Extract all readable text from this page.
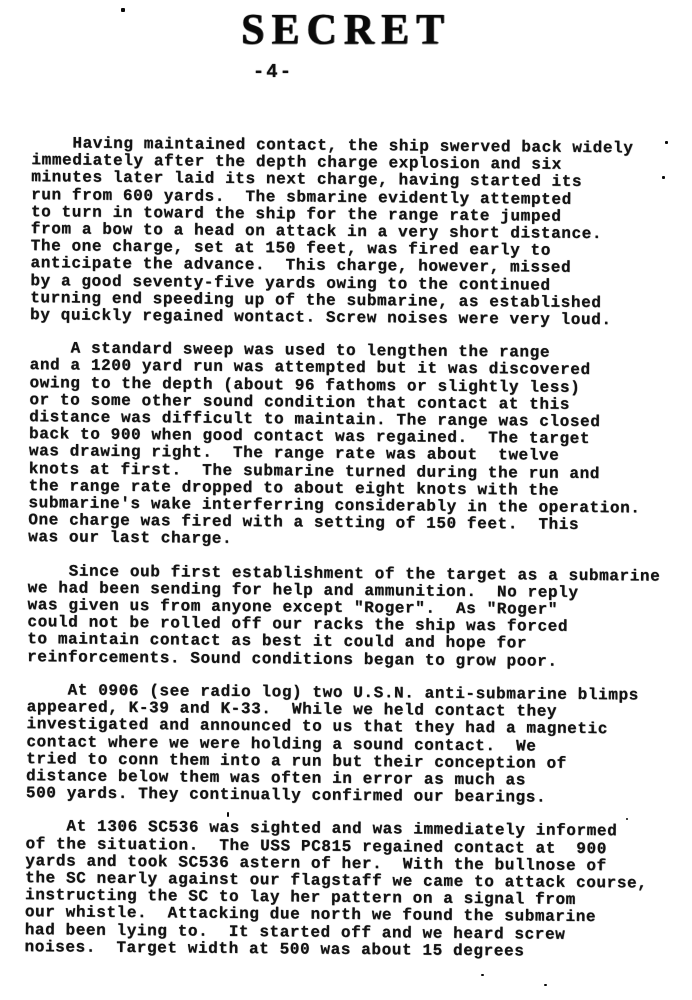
SECRET
-4-

Having maintained contact, the ship swerved back widely
immediately after the depth charge explosion and six
minutes later laid its next charge, having started its
run from 600 yards.  The sbmarine evidently attempted
to turn in toward the ship for the range rate jumped
from a bow to a head on attack in a very short distance.
The one charge, set at 150 feet, was fired early to
anticipate the advance.  This charge, however, missed
by a good seventy-five yards owing to the continued
turning end speeding up of the submarine, as established
by quickly regained wontact. Screw noises were very loud.

A standard sweep was used to lengthen the range
and a 1200 yard run was attempted but it was discovered
owing to the depth (about 96 fathoms or slightly less)
or to some other sound condition that contact at this
distance was difficult to maintain. The range was closed
back to 900 when good contact was regained.  The target
was drawing right.  The range rate was about  twelve
knots at first.  The submarine turned during the run and
the range rate dropped to about eight knots with the
submarine's wake interferring considerably in the operation.
One charge was fired with a setting of 150 feet.  This
was our last charge.

Since oub first establishment of the target as a submarine
we had been sending for help and ammunition.  No reply
was given us from anyone except "Roger".  As "Roger"
could not be rolled off our racks the ship was forced
to maintain contact as best it could and hope for
reinforcements. Sound conditions began to grow poor.

At 0906 (see radio log) two U.S.N. anti-submarine blimps
appeared, K-39 and K-33.  While we held contact they
investigated and announced to us that they had a magnetic
contact where we were holding a sound contact.  We
tried to conn them into a run but their conception of
distance below them was often in error as much as
500 yards. They continually confirmed our bearings.

At 1306 SC536 was sighted and was immediately informed
of the situation.  The USS PC815 regained contact at  900
yards and took SC536 astern of her.  With the bullnose of
the SC nearly against our flagstaff we came to attack course,
instructing the SC to lay her pattern on a signal from
our whistle.  Attacking due north we found the submarine
had been lying to.  It started off and we heard screw
noises.  Target width at 500 was about 15 degrees
